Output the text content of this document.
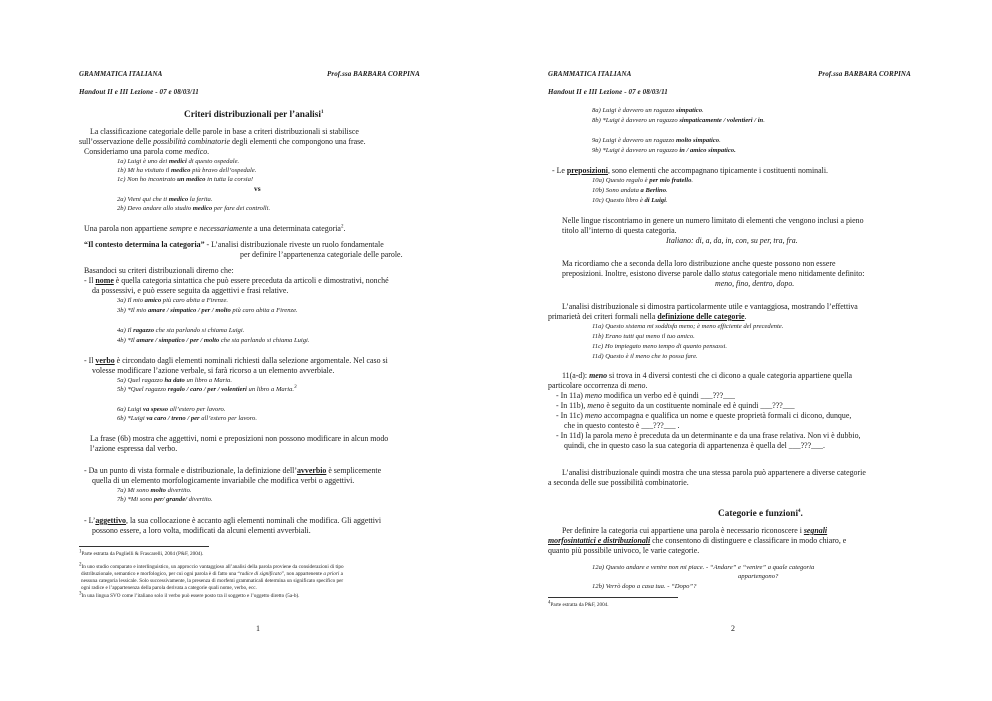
GRAMMATICA ITALIANA	Prof.ssa BARBARA CORPINA
Handout II e III Lezione - 07 e 08/03/11
Criteri distribuzionali per l’analisi$^1$
La classificazione categoriale delle parole in base a criteri distribuzionali si stabilisce
sull’osservazione delle possibilità combinatorie degli elementi che compongono una frase.
Consideriamo una parola come medico.
1a) Luigi è uno dei medici di questo ospedale.
1b) Mi ha visitato il medico più bravo dell’ospedale.
1c) Non ho incontrato un medico in tutta la corsia!
vs
2a) Vieni qui che ti medico la ferita.
2b) Devo andare allo studio medico per fare dei controlli.
Una parola non appartiene sempre e necessariamente a una determinata categoria$^2$.
“Il contesto determina la categoria” - L’analisi distribuzionale riveste un ruolo fondamentale
per definire l’appartenenza categoriale delle parole.
Basandoci su criteri distribuzionali diremo che:
- Il nome è quella categoria sintattica che può essere preceduta da articoli e dimostrativi, nonché
da possessivi, e può essere seguita da aggettivi e frasi relative.
3a) Il mio amico più caro abita a Firenze.
3b) *Il mio amare / simpatico / per / molto più caro abita a Firenze.
4a) Il ragazzo che sta parlando si chiama Luigi.
4b) *Il amare / simpatico / per / molto che sta parlando si chiama Luigi.
- Il verbo è circondato dagli elementi nominali richiesti dalla selezione argomentale. Nel caso si
volesse modificare l’azione verbale, si farà ricorso a un elemento avverbiale.
5a) Quel ragazzo ha dato un libro a Maria.
5b) *Quel ragazzo regalo / caro / per / volentieri un libro a Maria.$^3$
6a) Luigi va spesso all’estero per lavoro.
6b) *Luigi va caro / treno / per all’estero per lavoro.
La frase (6b) mostra che aggettivi, nomi e preposizioni non possono modificare in alcun modo
l’azione espressa dal verbo.
- Da un punto di vista formale e distribuzionale, la definizione dell’avverbio è semplicemente
quella di un elemento morfologicamente invariabile che modifica verbi o aggettivi.
7a) Mi sono molto divertito.
7b) *Mi sono per/ grande/ divertito.
- L’aggettivo, la sua collocazione è accanto agli elementi nominali che modifica. Gli aggettivi
possono essere, a loro volta, modificati da alcuni elementi avverbiali.
$^1$Parte estratta da Puglielli & Frascarelli, 2004 (P&F, 2004).
$^2$In uno studio comparato e interlinguistico, un approccio vantaggioso all’analisi della parola proviene da considerazioni di tipo
distribuzionale, semantico e morfologico, per cui ogni parola è di fatto una “radice di significato”, non appartenente a priori a
nessuna categoria lessicale. Solo successivamente, la presenza di morfemi grammaticali determina un significato specifico per
ogni radice e l’appartenenza della parola derivata a categorie quali nome, verbo, ecc.
$^3$In una lingua SVO come l’italiano solo il verbo può essere posto tra il soggetto e l’oggetto diretto (5a-b).
1
GRAMMATICA ITALIANA	Prof.ssa BARBARA CORPINA
Handout II e III Lezione - 07 e 08/03/11
8a) Luigi è davvero un ragazzo simpatico.
8b) *Luigi è davvero un ragazzo simpaticamente / volentieri / in.
9a) Luigi è davvero un ragazzo molto simpatico.
9b) *Luigi è davvero un ragazzo in / amico simpatico.
- Le preposizioni, sono elementi che accompagnano tipicamente i costituenti nominali.
10a) Questo regalo è per mio fratello.
10b) Sono andata a Berlino.
10c) Questo libro è di Luigi.
Nelle lingue riscontriamo in genere un numero limitato di elementi che vengono inclusi a pieno
titolo all’interno di questa categoria.
Italiano: di, a, da, in, con, su per, tra, fra.
Ma ricordiamo che a seconda della loro distribuzione anche queste possono non essere
preposizioni. Inoltre, esistono diverse parole dallo status categoriale meno nitidamente definito:
meno, fino, dentro, dopo.
L’analisi distribuzionale si dimostra particolarmente utile e vantaggiosa, mostrando l’effettiva
primarietà dei criteri formali nella definizione delle categorie.
11a) Questo sistema mi soddisfa meno; è meno efficiente del precedente.
11b) Erano tutti qui meno il tuo amico.
11c) Ho impiegato meno tempo di quanto pensassi.
11d) Questo è il meno che io possa fare.
11(a-d): meno si trova in 4 diversi contesti che ci dicono a quale categoria appartiene quella
particolare occorrenza di meno.
- In 11a) meno modifica un verbo ed è quindi ___???___
- In 11b), meno è seguito da un costituente nominale ed è quindi ___???___
- In 11c) meno accompagna e qualifica un nome e queste proprietà formali ci dicono, dunque,
che in questo contesto è ___???___ .
- In 11d) la parola meno è preceduta da un determinante e da una frase relativa. Non vi è dubbio,
quindi, che in questo caso la sua categoria di appartenenza è quella del ___???___.
L’analisi distribuzionale quindi mostra che una stessa parola può appartenere a diverse categorie
a seconda delle sue possibilità combinatorie.
Categorie e funzioni$^4$.
Per definire la categoria cui appartiene una parola è necessario riconoscere i segnali
morfosintattici e distribuzionali che consentono di distinguere e classificare in modo chiaro, e
quanto più possibile univoco, le varie categorie.
12a) Questo andare e venire non mi piace. - “Andare” e “venire” a quale categoria
appartengono?
12b) Verrò dopo a casa tua. - “Dopo”?
$^4$Parte estratta da P&F, 2004.
2
